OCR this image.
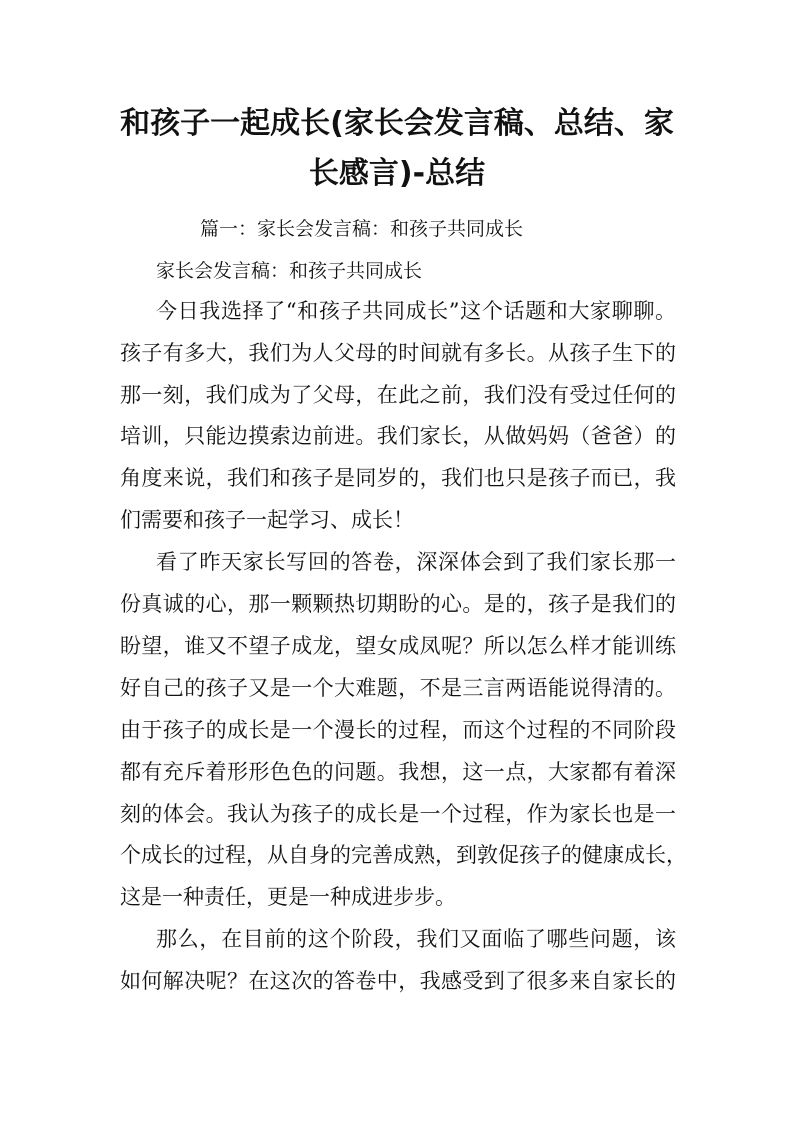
和孩子一起成长(家长会发言稿、总结、家
长感言)-总结
篇一：家长会发言稿：和孩子共同成长
家长会发言稿：和孩子共同成长
今日我选择了“和孩子共同成长”这个话题和大家聊聊。
孩子有多大，我们为人父母的时间就有多长。从孩子生下的
那一刻，我们成为了父母，在此之前，我们没有受过任何的
培训，只能边摸索边前进。我们家长，从做妈妈（爸爸）的
角度来说，我们和孩子是同岁的，我们也只是孩子而已，我
们需要和孩子一起学习、成长！
看了昨天家长写回的答卷，深深体会到了我们家长那一
份真诚的心，那一颗颗热切期盼的心。是的，孩子是我们的
盼望，谁又不望子成龙，望女成凤呢？所以怎么样才能训练
好自己的孩子又是一个大难题，不是三言两语能说得清的。
由于孩子的成长是一个漫长的过程，而这个过程的不同阶段
都有充斥着形形色色的问题。我想，这一点，大家都有着深
刻的体会。我认为孩子的成长是一个过程，作为家长也是一
个成长的过程，从自身的完善成熟，到敦促孩子的健康成长，
这是一种责任，更是一种成进步步。
那么，在目前的这个阶段，我们又面临了哪些问题，该
如何解决呢？在这次的答卷中，我感受到了很多来自家长的
